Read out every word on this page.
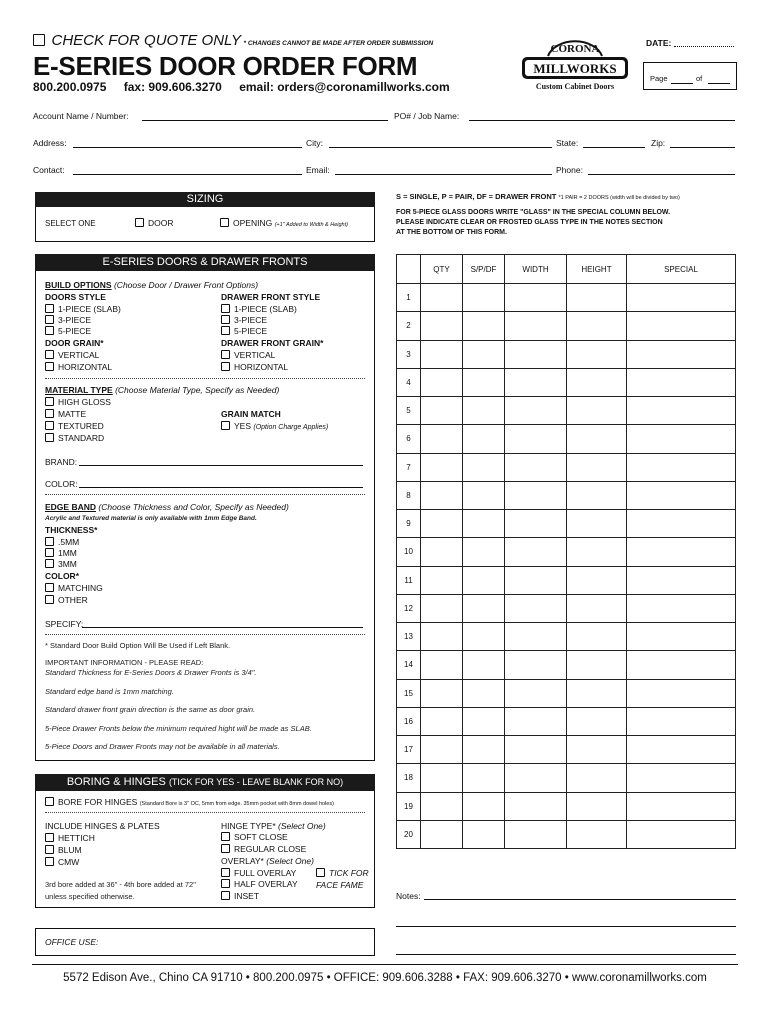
CHECK FOR QUOTE ONLY * CHANGES CANNOT BE MADE AFTER ORDER SUBMISSION
E-SERIES DOOR ORDER FORM
800.200.0975 fax: 909.606.3270 email: orders@coronamillworks.com
CORONA
MILLWORKS
Custom Cabinet Doors
DATE:
Page	of
Account Name / Number:	PO# / Job Name:
Address:	City:	State:	Zip:
Contact:	Email:	Phone:
SIZING
SELECT ONE	DOOR	OPENING (+1" Added to Width & Height)
S = SINGLE, P = PAIR, DF = DRAWER FRONT *1 PAIR = 2 DOORS (width will be divided by two)
FOR 5-PIECE GLASS DOORS WRITE "GLASS" IN THE SPECIAL COLUMN BELOW.
PLEASE INDICATE CLEAR OR FROSTED GLASS TYPE IN THE NOTES SECTION
AT THE BOTTOM OF THIS FORM.
E-SERIES DOORS & DRAWER FRONTS
BUILD OPTIONS (Choose Door / Drawer Front Options)
DOORS STYLE	DRAWER FRONT STYLE
1-PIECE (SLAB)
3-PIECE
5-PIECE
1-PIECE (SLAB)
3-PIECE
5-PIECE
DOOR GRAIN*	DRAWER FRONT GRAIN*
VERTICAL
HORIZONTAL
VERTICAL
HORIZONTAL
MATERIAL TYPE (Choose Material Type, Specify as Needed)
HIGH GLOSS
MATTE
TEXTURED
STANDARD
GRAIN MATCH
YES (Option Charge Applies)
BRAND:
COLOR:
EDGE BAND (Choose Thickness and Color, Specify as Needed)
Acrylic and Textured material is only available with 1mm Edge Band.
THICKNESS*
.5MM
1MM
3MM
COLOR*
MATCHING
OTHER
SPECIFY:
* Standard Door Build Option Will Be Used if Left Blank.
IMPORTANT INFORMATION - PLEASE READ:
Standard Thickness for E-Series Doors & Drawer Fronts is 3/4".
Standard edge band is 1mm matching.
Standard drawer front grain direction is the same as door grain.
5-Piece Drawer Fronts below the minimum required hight will be made as SLAB.
5-Piece Doors and Drawer Fronts may not be available in all materials.
BORING & HINGES (TICK FOR YES - LEAVE BLANK FOR NO)
BORE FOR HINGES (Standard Bore is 3" OC, 5mm from edge. 35mm pocket with 8mm dowel holes)
INCLUDE HINGES & PLATES
HETTICH
BLUM
CMW
3rd bore added at 36" - 4th bore added at 72"
unless specified otherwise.
HINGE TYPE* (Select One)
SOFT CLOSE
REGULAR CLOSE
OVERLAY* (Select One)
FULL OVERLAY
HALF OVERLAY
INSET
TICK FOR
FACE FAME
OFFICE USE:
	QTY	S/P/DF	WIDTH	HEIGHT	SPECIAL
1					
2					
3					
4					
5					
6					
7					
8					
9					
10					
11					
12					
13					
14					
15					
16					
17					
18					
19					
20					
Notes:
5572 Edison Ave., Chino CA 91710 • 800.200.0975 • OFFICE: 909.606.3288 • FAX: 909.606.3270 • www.coronamillworks.com
